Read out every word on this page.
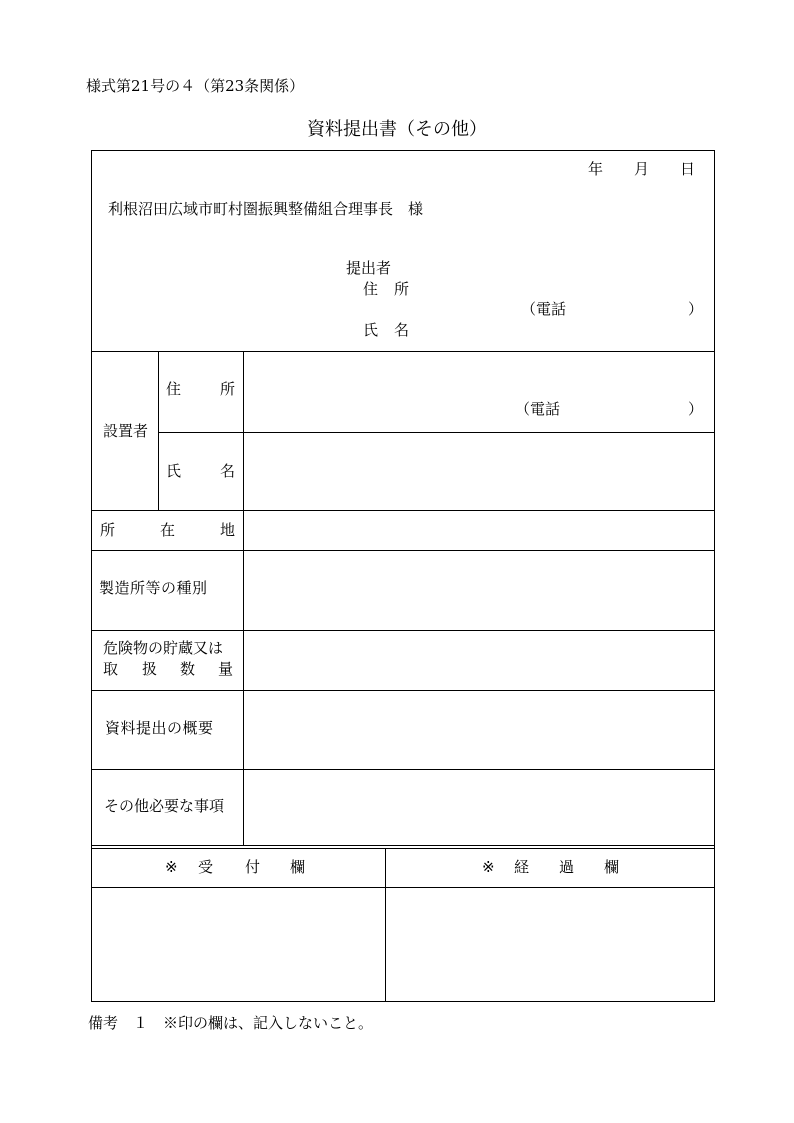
様式第21号の４（第23条関係）
資料提出書（その他）
年 月 日
利根沼田広域市町村圏振興整備組合理事長　様
提出者
住 所
（電話	）
氏 名
設置者
住	所
（電話	）
氏	名
所	在	地
製造所等の種別
危険物の貯蔵又は
取 扱 数 量
資料提出の概要
その他必要な事項
※ 受 付 欄	※ 経 過 欄
備考　１　※印の欄は、記入しないこと。
